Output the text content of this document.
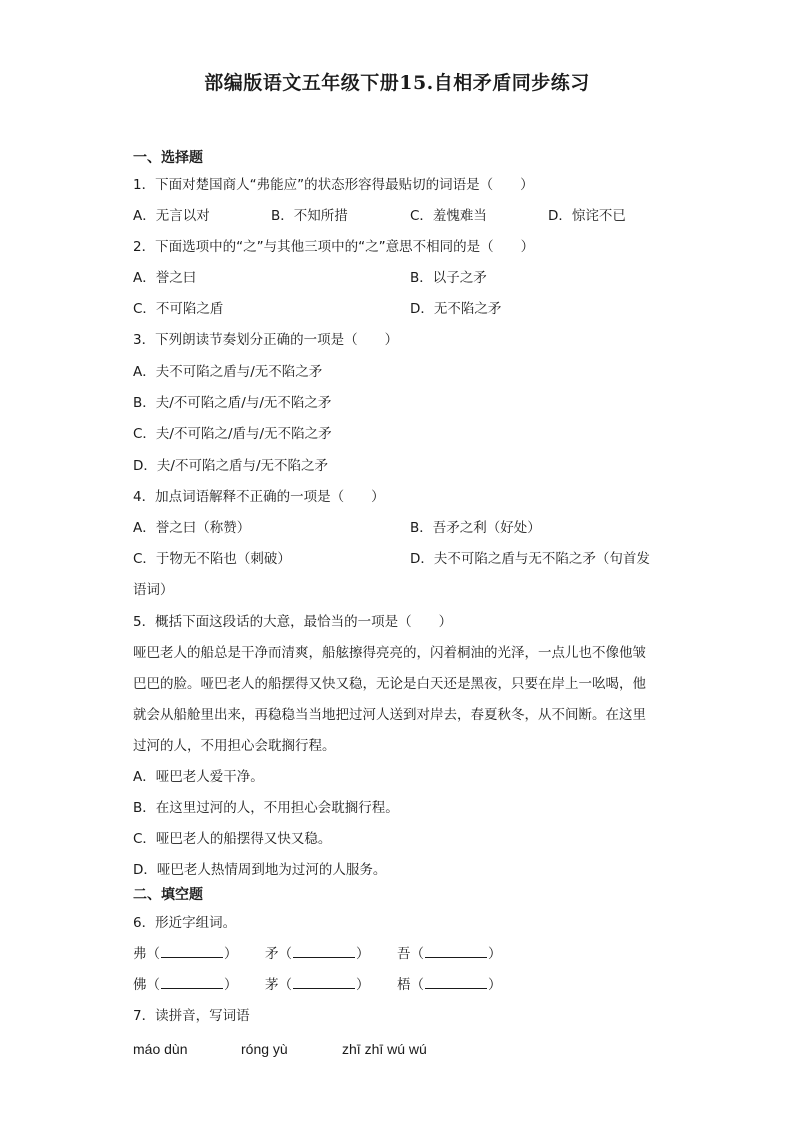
部编版语文五年级下册15.自相矛盾同步练习
一、选择题
1．下面对楚国商人“弗能应”的状态形容得最贴切的词语是（　　）
A．无言以对	B．不知所措	C．羞愧难当	D．惊诧不已
2．下面选项中的“之”与其他三项中的“之”意思不相同的是（　　）
A．誉之曰	B．以子之矛
C．不可陷之盾	D．无不陷之矛
3．下列朗读节奏划分正确的一项是（　　）
A．夫不可陷之盾与/无不陷之矛
B．夫/不可陷之盾/与/无不陷之矛
C．夫/不可陷之/盾与/无不陷之矛
D．夫/不可陷之盾与/无不陷之矛
4．加点词语解释不正确的一项是（　　）
A．誉之曰（称赞）	B．吾矛之利（好处）
C．于物无不陷也（刺破）	D．夫不可陷之盾与无不陷之矛（句首发
语词）
5．概括下面这段话的大意，最恰当的一项是（　　）
哑巴老人的船总是干净而清爽，船舷擦得亮亮的，闪着桐油的光泽，一点儿也不像他皱
巴巴的脸。哑巴老人的船摆得又快又稳，无论是白天还是黑夜，只要在岸上一吆喝，他
就会从船舱里出来，再稳稳当当地把过河人送到对岸去，春夏秋冬，从不间断。在这里
过河的人，不用担心会耽搁行程。
A．哑巴老人爱干净。
B．在这里过河的人，不用担心会耽搁行程。
C．哑巴老人的船摆得又快又稳。
D．哑巴老人热情周到地为过河的人服务。
二、填空题
6．形近字组词。
弗（	） 矛（	） 吾（	）
佛（	） 茅（	） 梧（	）
7．读拼音，写词语
máo dùn	róng yù	zhī zhī wú wú
